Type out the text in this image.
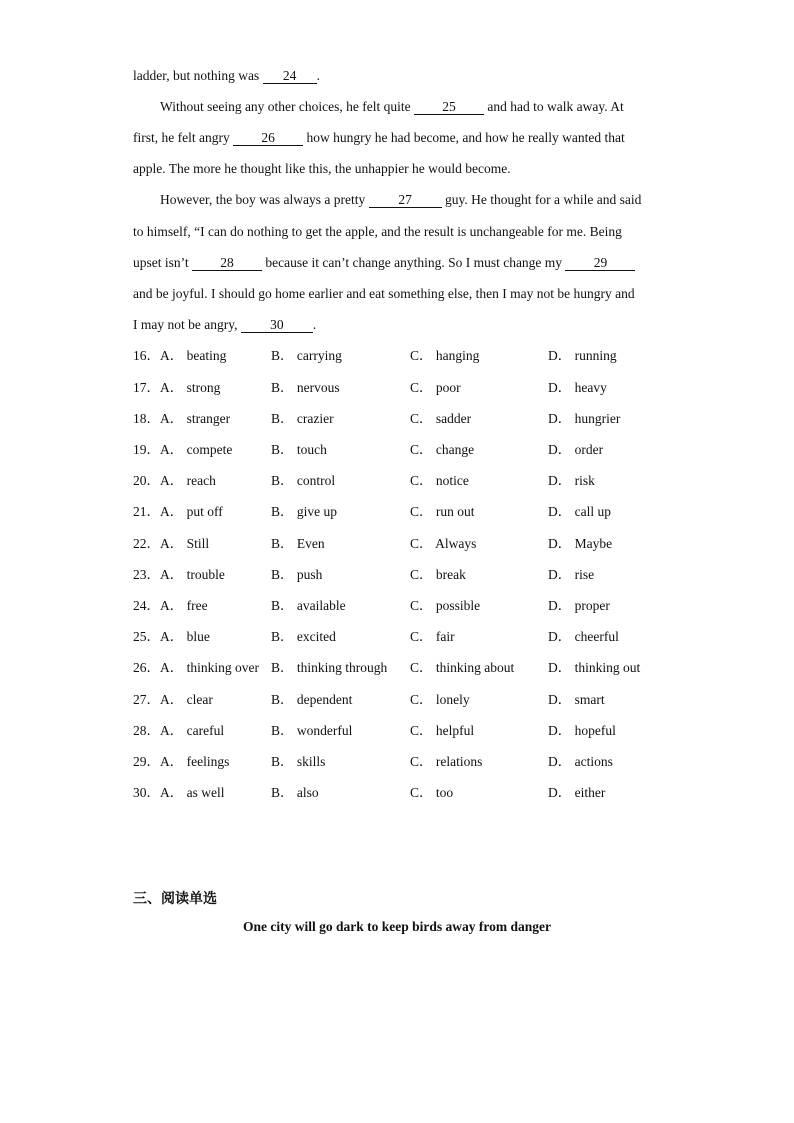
ladder, but nothing was 24 .
Without seeing any other choices, he felt quite 25 and had to walk away. At
first, he felt angry 26 how hungry he had become, and how he really wanted that
apple. The more he thought like this, the unhappier he would become.
However, the boy was always a pretty 27 guy. He thought for a while and said
to himself, “I can do nothing to get the apple, and the result is unchangeable for me. Being
upset isn’t 28 because it can’t change anything. So I must change my 29
and be joyful. I should go home earlier and eat something else, then I may not be hungry and
I may not be angry, 30 .
16． A． beating	B． carrying	C． hanging	D． running
17． A． strong	B． nervous	C． poor	D． heavy
18． A． stranger	B． crazier	C． sadder	D． hungrier
19． A． compete	B． touch	C． change	D． order
20． A． reach	B． control	C． notice	D． risk
21． A． put off	B． give up	C． run out	D． call up
22． A． Still	B． Even	C． Always	D． Maybe
23． A． trouble	B． push	C． break	D． rise
24． A． free	B． available	C． possible	D． proper
25． A． blue	B． excited	C． fair	D． cheerful
26． A． thinking over B． thinking through C． thinking about	D． thinking out
27． A． clear	B． dependent	C． lonely	D． smart
28． A． careful	B． wonderful	C． helpful	D． hopeful
29． A． feelings	B． skills	C． relations	D． actions
30． A． as well	B． also	C． too	D． either
三、阅读单选
One city will go dark to keep birds away from danger
